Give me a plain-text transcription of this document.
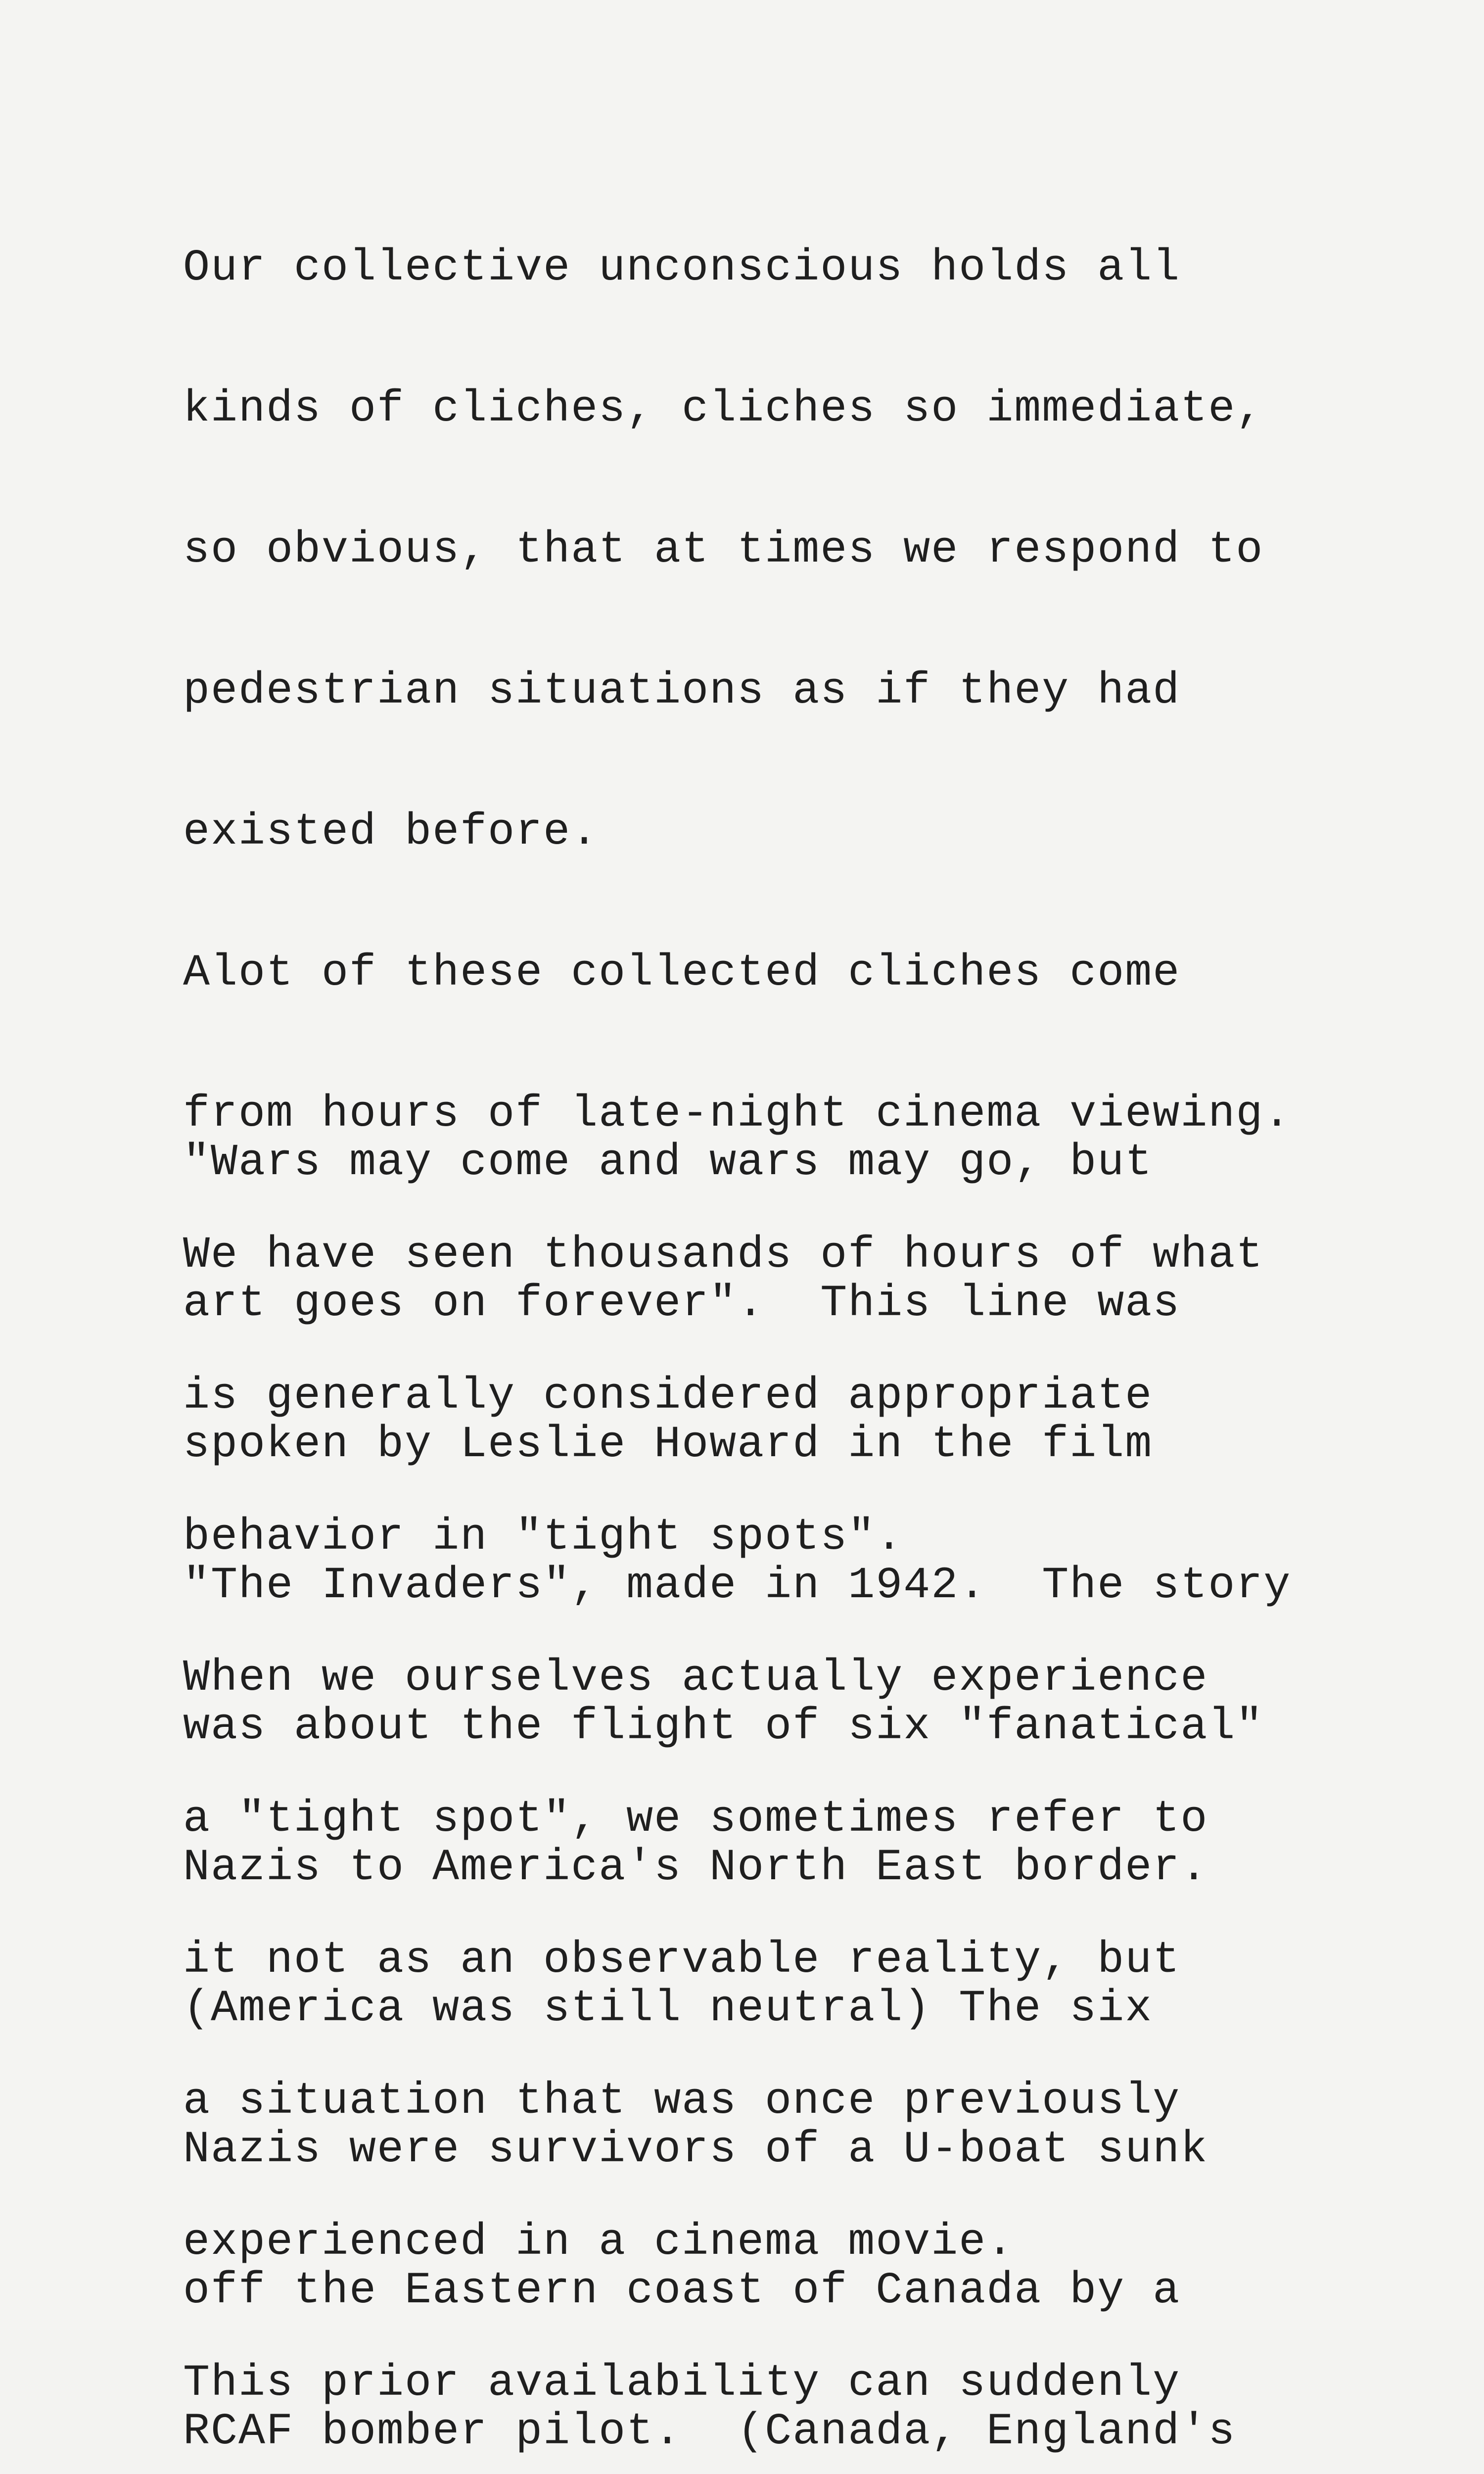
Our collective unconscious holds all

kinds of cliches, cliches so immediate,

so obvious, that at times we respond to

pedestrian situations as if they had

existed before.

Alot of these collected cliches come

from hours of late-night cinema viewing.

We have seen thousands of hours of what

is generally considered appropriate

behavior in "tight spots".

When we ourselves actually experience

a "tight spot", we sometimes refer to

it not as an observable reality, but

a situation that was once previously

experienced in a cinema movie.

This prior availability can suddenly

"Wars may come and wars may go, but

art goes on forever".  This line was

spoken by Leslie Howard in the film

"The Invaders", made in 1942.  The story

was about the flight of six "fanatical"

Nazis to America's North East border.

(America was still neutral) The six

Nazis were survivors of a U-boat sunk

off the Eastern coast of Canada by a

RCAF bomber pilot.  (Canada, England's
